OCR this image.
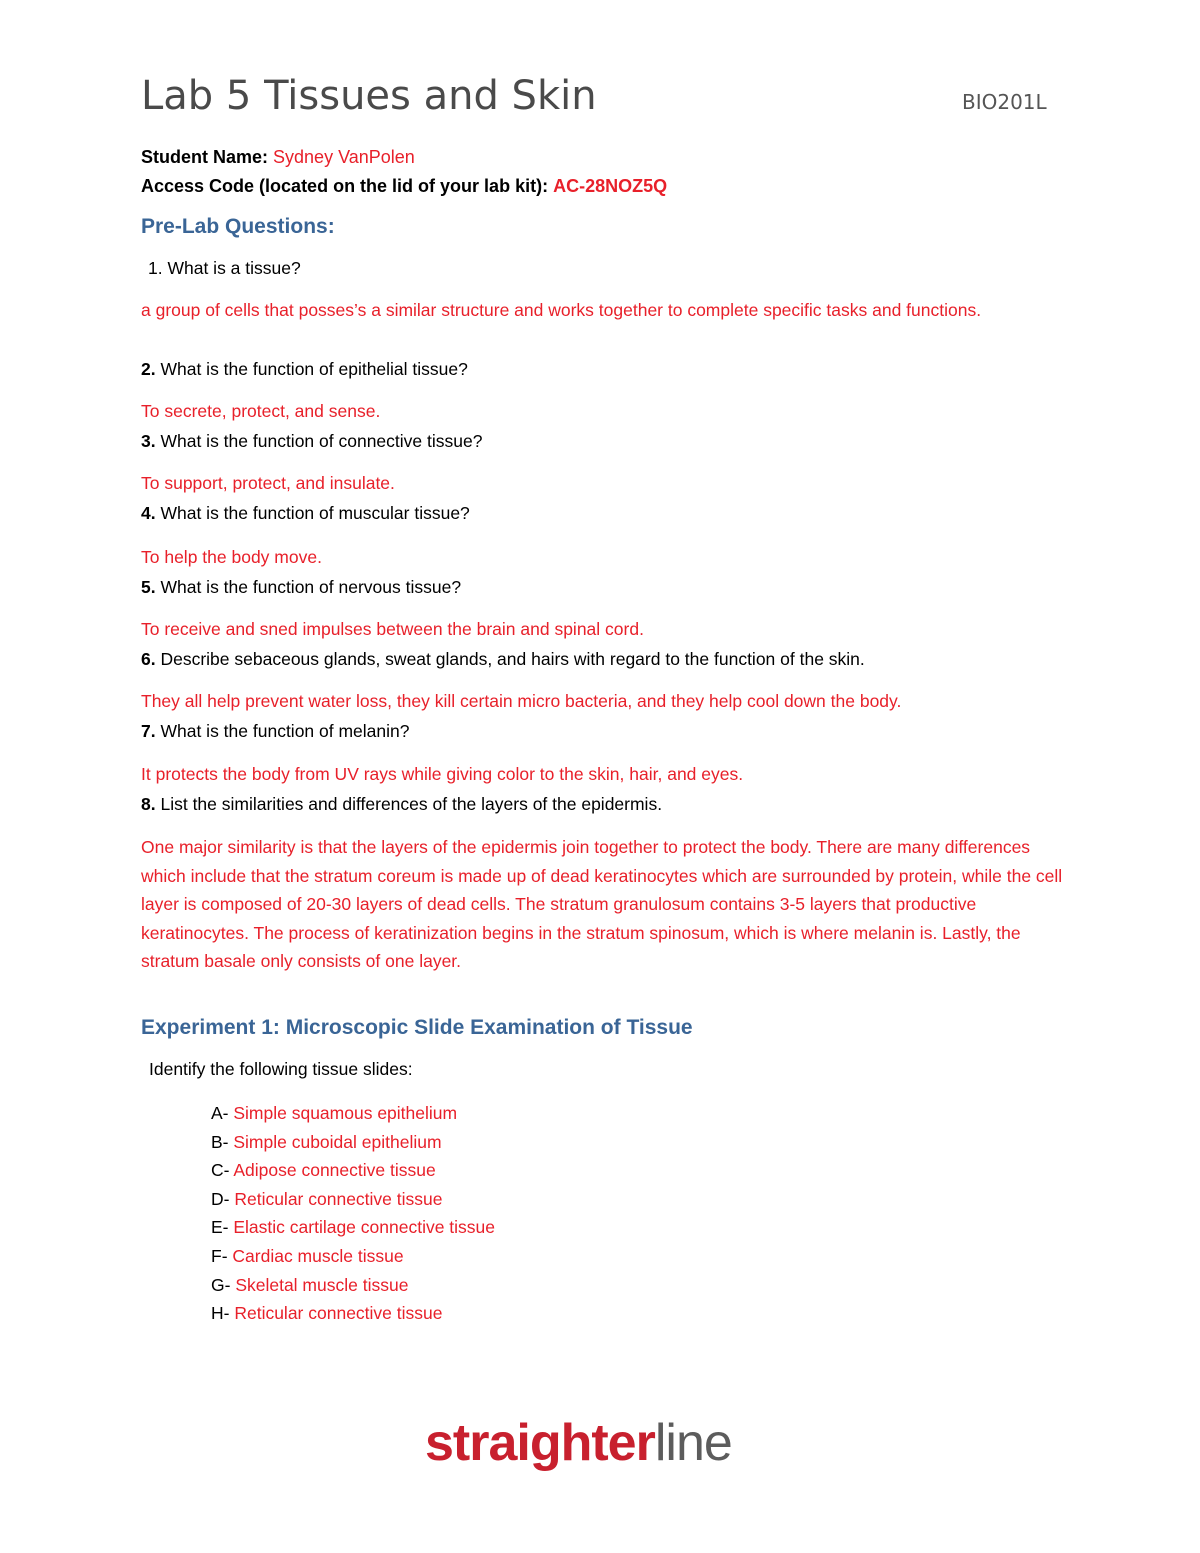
Lab 5 Tissues and Skin	BIO201L
Student Name: Sydney VanPolen
Access Code (located on the lid of your lab kit): AC-28NOZ5Q
Pre-Lab Questions:
1. What is a tissue?
a group of cells that posses’s a similar structure and works together to complete specific tasks and functions.
2. What is the function of epithelial tissue?
To secrete, protect, and sense.
3. What is the function of connective tissue?
To support, protect, and insulate.
4. What is the function of muscular tissue?
To help the body move.
5. What is the function of nervous tissue?
To receive and sned impulses between the brain and spinal cord.
6. Describe sebaceous glands, sweat glands, and hairs with regard to the function of the skin.
They all help prevent water loss, they kill certain micro bacteria, and they help cool down the body.
7. What is the function of melanin?
It protects the body from UV rays while giving color to the skin, hair, and eyes.
8. List the similarities and differences of the layers of the epidermis.
One major similarity is that the layers of the epidermis join together to protect the body. There are many differences which include that the stratum coreum is made up of dead keratinocytes which are surrounded by protein, while the cell layer is composed of 20-30 layers of dead cells. The stratum granulosum contains 3-5 layers that productive keratinocytes. The process of keratinization begins in the stratum spinosum, which is where melanin is. Lastly, the stratum basale only consists of one layer.
Experiment 1: Microscopic Slide Examination of Tissue
Identify the following tissue slides:
A- Simple squamous epithelium
B- Simple cuboidal epithelium
C- Adipose connective tissue
D- Reticular connective tissue
E- Elastic cartilage connective tissue
F- Cardiac muscle tissue
G- Skeletal muscle tissue
H- Reticular connective tissue
straighterline
